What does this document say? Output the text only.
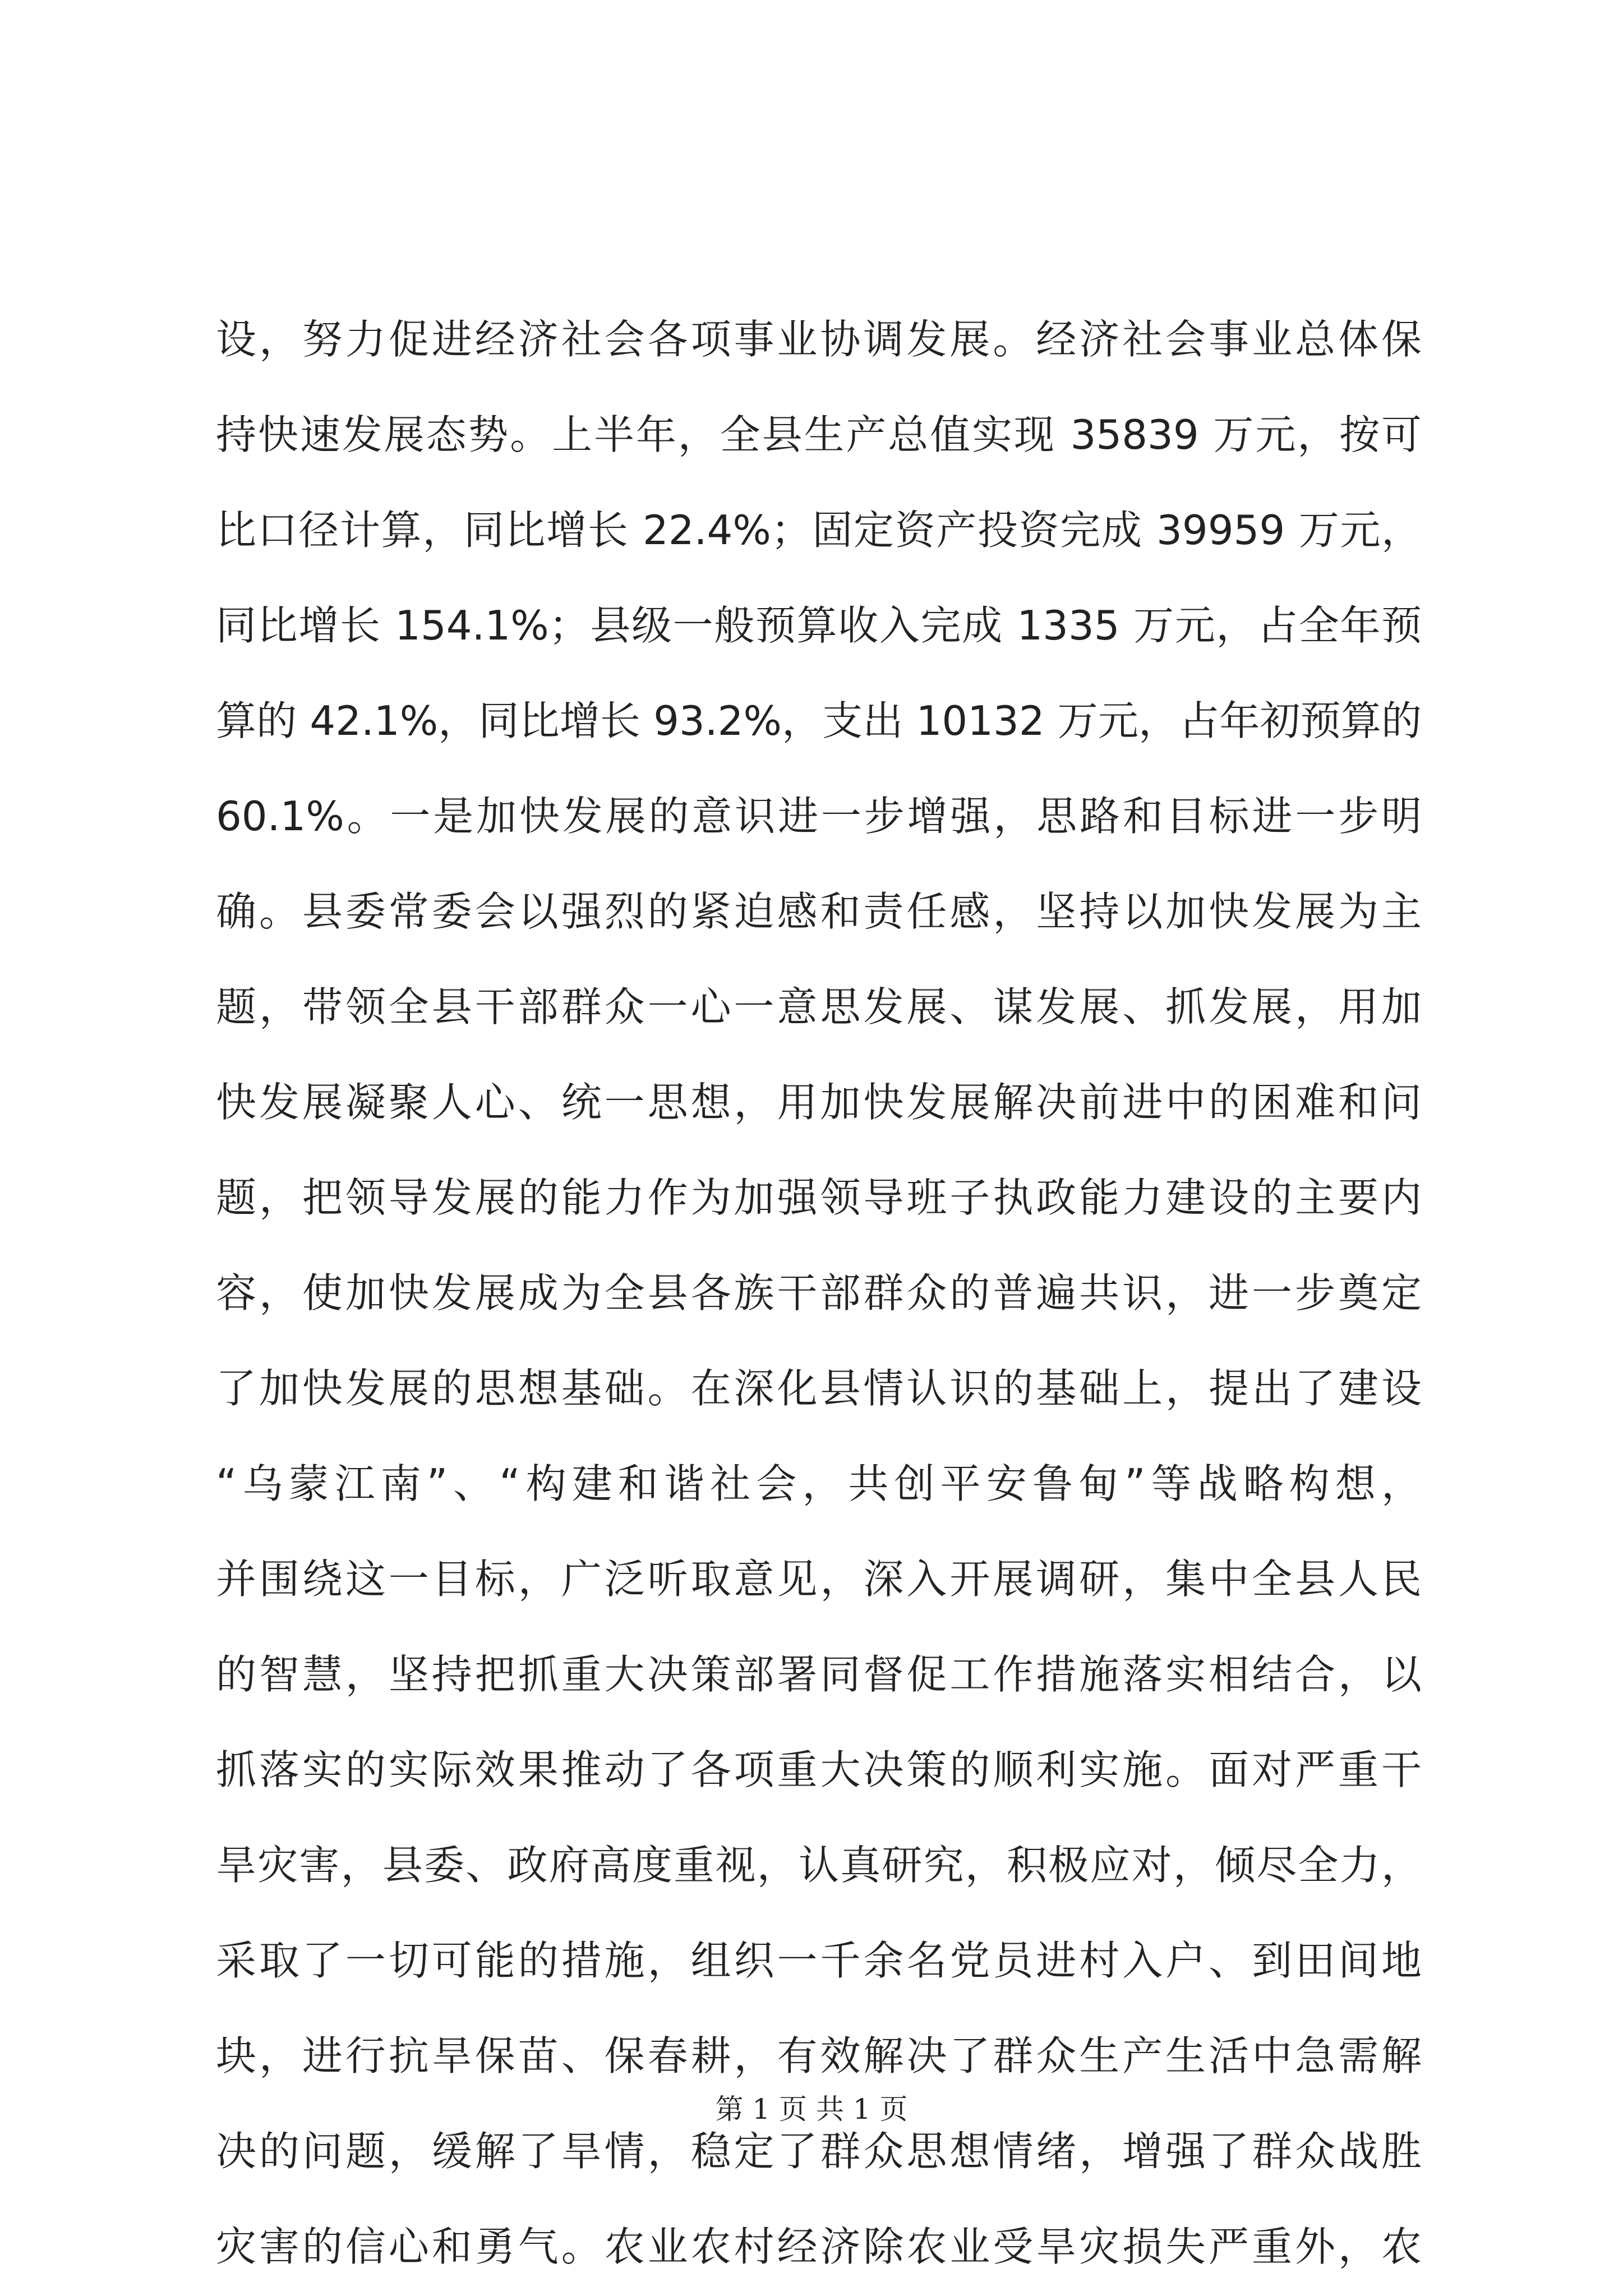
设，努力促进经济社会各项事业协调发展。经济社会事业总体保
持快速发展态势。上半年，全县生产总值实现 35839 万元，按可
比口径计算，同比增长 22.4%；固定资产投资完成 39959 万元，
同比增长 154.1%；县级一般预算收入完成 1335 万元，占全年预
算的 42.1%，同比增长 93.2%，支出 10132 万元，占年初预算的
60.1%。一是加快发展的意识进一步增强，思路和目标进一步明
确。县委常委会以强烈的紧迫感和责任感，坚持以加快发展为主
题，带领全县干部群众一心一意思发展、谋发展、抓发展，用加
快发展凝聚人心、统一思想，用加快发展解决前进中的困难和问
题，把领导发展的能力作为加强领导班子执政能力建设的主要内
容，使加快发展成为全县各族干部群众的普遍共识，进一步奠定
了加快发展的思想基础。在深化县情认识的基础上，提出了建设
“乌蒙江南”、“构建和谐社会，共创平安鲁甸”等战略构想，
并围绕这一目标，广泛听取意见，深入开展调研，集中全县人民
的智慧，坚持把抓重大决策部署同督促工作措施落实相结合，以
抓落实的实际效果推动了各项重大决策的顺利实施。面对严重干
旱灾害，县委、政府高度重视，认真研究，积极应对，倾尽全力，
采取了一切可能的措施，组织一千余名党员进村入户、到田间地
块，进行抗旱保苗、保春耕，有效解决了群众生产生活中急需解
决的问题，缓解了旱情，稳定了群众思想情绪，增强了群众战胜
灾害的信心和勇气。农业农村经济除农业受旱灾损失严重外，农
第 1 页 共 1 页
